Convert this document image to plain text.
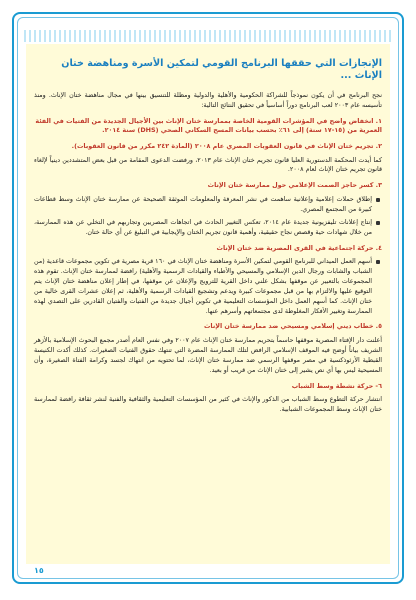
الإنجازات التي حققها البرنامج القومي لتمكين الأسرة ومناهضة ختان الإناث ...

نجح البرنامج في أن يكون نموذجاً للشراكة الحكومية والأهلية والدولية ومظلة للتنسيق بينها في مجال مناهضة ختان الإناث. ومنذ تأسيسه عام ٢٠٠٣ لعب البرنامج دوراً أساسياً في تحقيق النتائج التالية:

١. انخفاض واضح في المؤشرات القومية الخاصة بممارسة ختان الإناث بين الأجيال الجديدة من الفتيات في الفئة العمرية من (١٥-١٧ سنة) إلى ٦١٪ بحسب بيانات المسح السكاني الصحي (DHS) سنة ٢٠١٤.
٢. تجريم ختان الإناث في قانون العقوبات المصري عام ٢٠٠٨ (المادة ٢٤٢ مكرر من قانون العقوبات).

كما أيدت المحكمة الدستورية العليا قانون تجريم ختان الإناث عام ٢٠١٣، ورفضت الدعوى المقامة من قبل بعض المتشددين دينياً لإلغاء قانون تجريم ختان الإناث لعام ٢٠٠٨.

٣. كسر حاجز الصمت الإعلامي حول ممارسة ختان الإناث
إطلاق حملات إعلامية وإعلانية ساهمت في نشر المعرفة والمعلومات الموثقة الصحيحة عن ممارسة ختان الإناث وسط قطاعات كبيرة من المجتمع المصري.
إنتاج إعلانات تليفزيونية جديدة عام ٢٠١٤، تعكس التغيير الحادث في اتجاهات المصريين وتجاربهم في التخلي عن هذه الممارسة، من خلال شهادات حية وقصص نجاح حقيقية، وأهمية قانون تجريم الختان والإيجابية في التبليغ عن أي حالة ختان.
٤. حركة اجتماعية في القرى المصرية ضد ختان الإناث
أسهم العمل الميداني للبرنامج القومي لتمكين الأسرة ومناهضة ختان الإناث في ١٦٠ قرية مصرية في تكوين مجموعات قاعدية (من الشباب والشابات ورجال الدين الإسلامي والمسيحي والأطباء والقيادات الرسمية والأهلية) رافضة لممارسة ختان الإناث. تقوم هذه المجموعات بالتعبير عن موقفها بشكل علني داخل القرية للترويج والإعلان عن موقفها، في إطار إعلان مناهضة ختان الإناث يتم التوقيع عليها والالتزام بها من قبل مجموعات كبيرة ويدعم وتشجيع القيادات الرسمية والأهلية، ثم إعلان عشرات القرى خالية من ختان الإناث. كما أسهم العمل داخل المؤسسات التعليمية في تكوين أجيال جديدة من الفتيات والفتيان القادرين على التصدي لهذه الممارسة وتغيير الأفكار المغلوطة لدى مجتمعاتهم وأسرهم عنها.
٥. خطاب ديني إسلامي ومسيحي ضد ممارسة ختان الإناث

أعلنت دار الإفتاء المصرية موقفها حاسماً بتحريم ممارسة ختان الإناث عام ٢٠٠٧ وفي نفس العام أصدر مجمع البحوث الإسلامية بالأزهر الشريف بياناً أوضح فيه الموقف الإسلامي الرافض لتلك الممارسة المضرة التي تنتهك حقوق الفتيات الصغيرات. كذلك أكدت الكنيسة القبطية الأرثوذكسية في مصر موقفها الرسمي ضد ممارسة ختان الإناث، لما تحتويه من انتهاك لجسد وكرامة الفتاة الصغيرة، وأن المسيحية ليس بها أي نص يشير إلى ختان الإناث من قريب أو بعيد.

٦- حركة نشطة وسط الشباب

انتشار حركة التطوع وسط الشباب من الذكور والإناث في كثير من المؤسسات التعليمية والثقافية والفنية لنشر ثقافة رافضة لممارسة ختان الإناث وسط المجموعات الشبابية.

١٥
